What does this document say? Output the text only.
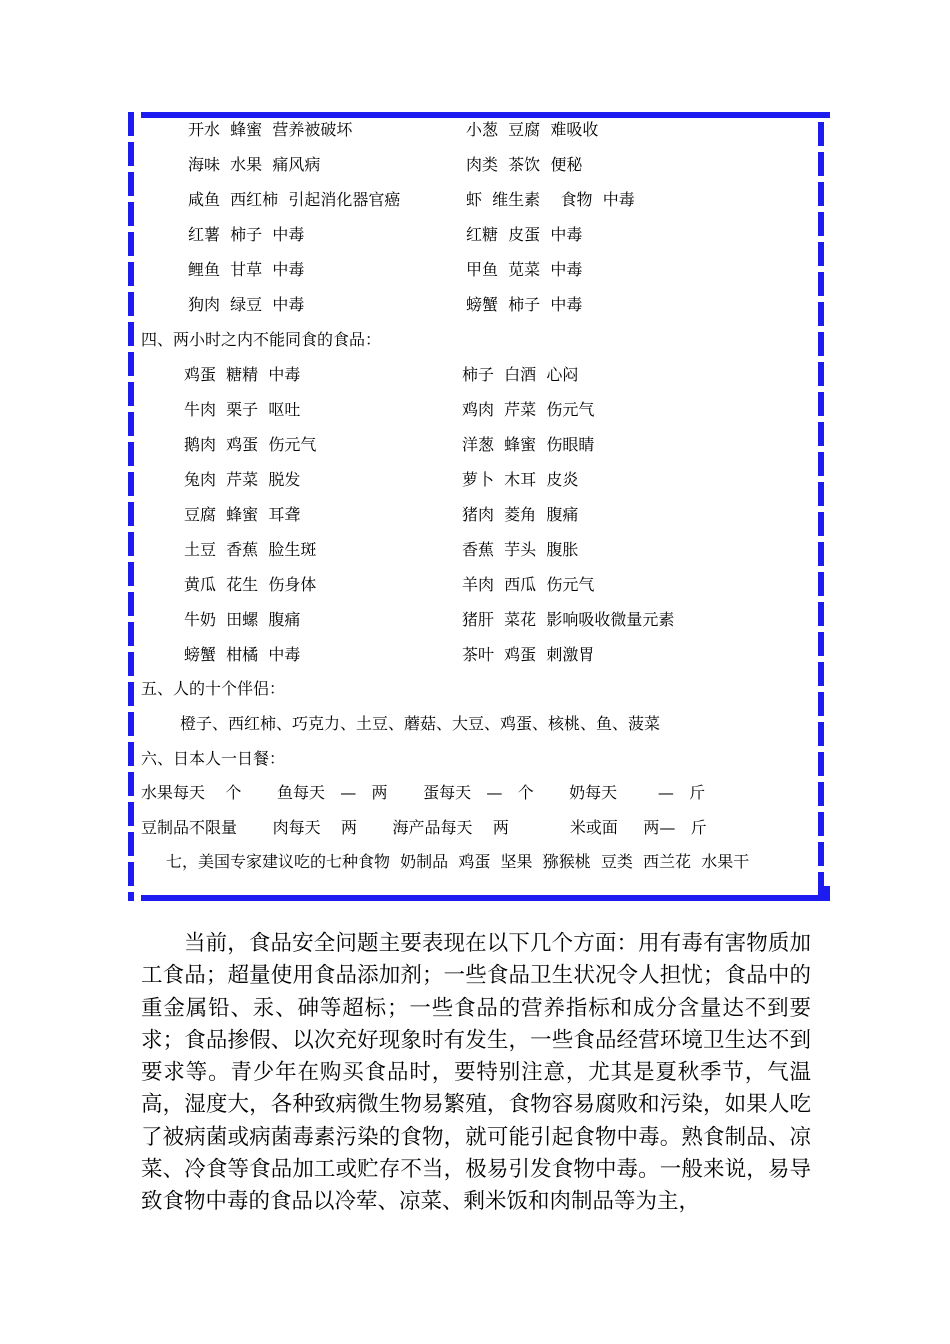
开水  蜂蜜  营养被破坏	小葱  豆腐  难吸收
海味  水果  痛风病	肉类  茶饮  便秘
咸鱼  西红柿  引起消化器官癌	虾  维生素    食物  中毒
红薯  柿子  中毒	红糖  皮蛋  中毒
鲤鱼  甘草  中毒	甲鱼  苋菜  中毒
狗肉  绿豆  中毒	螃蟹  柿子  中毒
四、两小时之内不能同食的食品：
鸡蛋  糖精  中毒	柿子  白酒  心闷
牛肉  栗子  呕吐	鸡肉  芹菜  伤元气
鹅肉  鸡蛋  伤元气	洋葱  蜂蜜  伤眼睛
兔肉  芹菜  脱发	萝卜  木耳  皮炎
豆腐  蜂蜜  耳聋	猪肉  菱角  腹痛
土豆  香蕉  脸生斑	香蕉  芋头  腹胀
黄瓜  花生  伤身体	羊肉  西瓜  伤元气
牛奶  田螺  腹痛	猪肝  菜花  影响吸收微量元素
螃蟹  柑橘  中毒	茶叶  鸡蛋  刺激胃
五、人的十个伴侣：
橙子、西红柿、巧克力、土豆、蘑菇、大豆、鸡蛋、核桃、鱼、菠菜
六、日本人一日餐：
水果每天    个       鱼每天   —   两       蛋每天   —   个       奶每天        —   斤
豆制品不限量       肉每天    两       海产品每天    两            米或面     两—   斤
七，美国专家建议吃的七种食物  奶制品  鸡蛋  坚果  猕猴桃  豆类  西兰花  水果干

当前，食品安全问题主要表现在以下几个方面：用有毒有害物质加工食品；超量使用食品添加剂；一些食品卫生状况令人担忧；食品中的重金属铅、汞、砷等超标；一些食品的营养指标和成分含量达不到要求；食品掺假、以次充好现象时有发生，一些食品经营环境卫生达不到要求等。青少年在购买食品时，要特别注意，尤其是夏秋季节，气温高，湿度大，各种致病微生物易繁殖，食物容易腐败和污染，如果人吃了被病菌或病菌毒素污染的食物，就可能引起食物中毒。熟食制品、凉菜、冷食等食品加工或贮存不当，极易引发食物中毒。一般来说，易导致食物中毒的食品以冷荤、凉菜、剩米饭和肉制品等为主，
